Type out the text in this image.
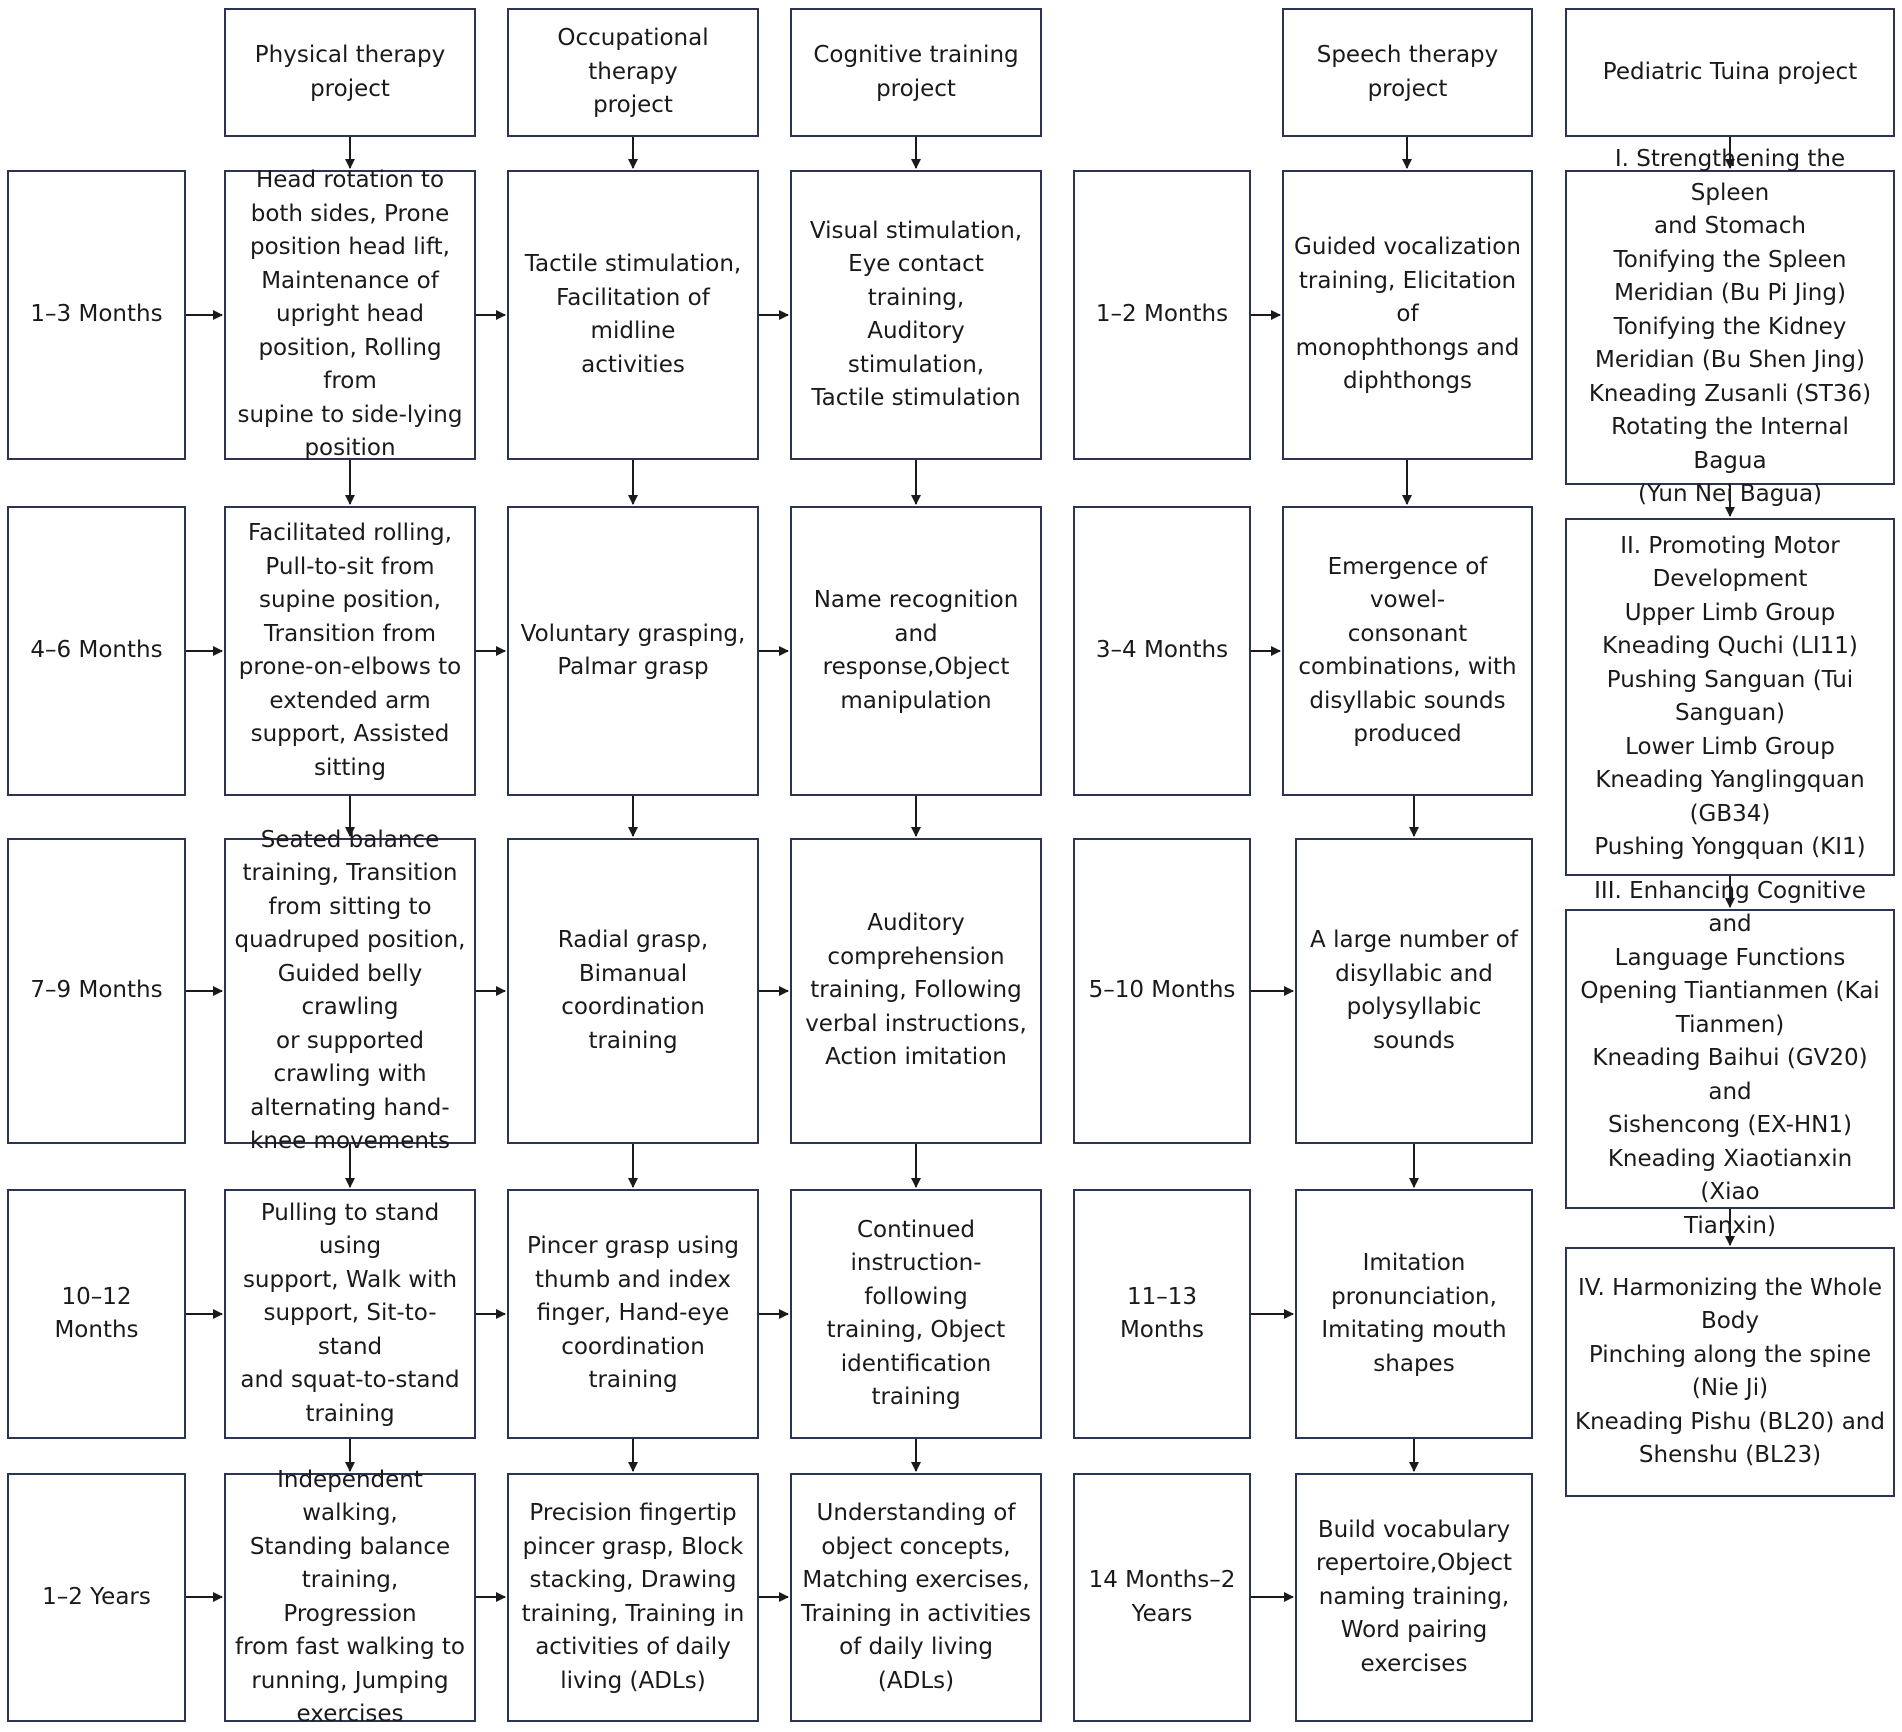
Physical therapy
project
Occupational therapy
project
Cognitive training
project
Speech therapy
project
Pediatric Tuina project
1–3 Months
Head rotation to
both sides, Prone
position head lift,
Maintenance of
upright head
position, Rolling from
supine to side-lying
position
Tactile stimulation,
Facilitation of midline
activities
Visual stimulation,
Eye contact training,
Auditory stimulation,
Tactile stimulation
1–2 Months
Guided vocalization
training, Elicitation of
monophthongs and
diphthongs
4–6 Months
Facilitated rolling,
Pull-to-sit from
supine position,
Transition from
prone-on-elbows to
extended arm
support, Assisted
sitting
Voluntary grasping,
Palmar grasp
Name recognition
and response,Object
manipulation
3–4 Months
Emergence of vowel-
consonant
combinations, with
disyllabic sounds
produced
7–9 Months
Seated balance
training, Transition
from sitting to
quadruped position,
Guided belly crawling
or supported
crawling with
alternating hand-
knee movements
Radial grasp,
Bimanual
coordination training
Auditory
comprehension
training, Following
verbal instructions,
Action imitation
5–10 Months
A large number of
disyllabic and
polysyllabic sounds
10–12 Months
Pulling to stand using
support, Walk with
support, Sit-to-stand
and squat-to-stand
training
Pincer grasp using
thumb and index
finger, Hand-eye
coordination training
Continued
instruction-following
training, Object
identification training
11–13 Months
Imitation
pronunciation,
Imitating mouth
shapes
1–2 Years
Independent walking,
Standing balance
training, Progression
from fast walking to
running, Jumping
exercises
Precision fingertip
pincer grasp, Block
stacking, Drawing
training, Training in
activities of daily
living (ADLs)
Understanding of
object concepts,
Matching exercises,
Training in activities
of daily living (ADLs)
14 Months–2
Years
Build vocabulary
repertoire,Object
naming training,
Word pairing
exercises
I. Strengthening the Spleen
and Stomach
Tonifying the Spleen
Meridian (Bu Pi Jing)
Tonifying the Kidney
Meridian (Bu Shen Jing)
Kneading Zusanli (ST36)
Rotating the Internal Bagua
(Yun Nei Bagua)
II. Promoting Motor
Development
Upper Limb Group
Kneading Quchi (LI11)
Pushing Sanguan (Tui
Sanguan)
Lower Limb Group
Kneading Yanglingquan
(GB34)
Pushing Yongquan (KI1)
III. Enhancing Cognitive and
Language Functions
Opening Tiantianmen (Kai
Tianmen)
Kneading Baihui (GV20) and
Sishencong (EX-HN1)
Kneading Xiaotianxin (Xiao
Tianxin)
IV. Harmonizing the Whole
Body
Pinching along the spine
(Nie Ji)
Kneading Pishu (BL20) and
Shenshu (BL23)
